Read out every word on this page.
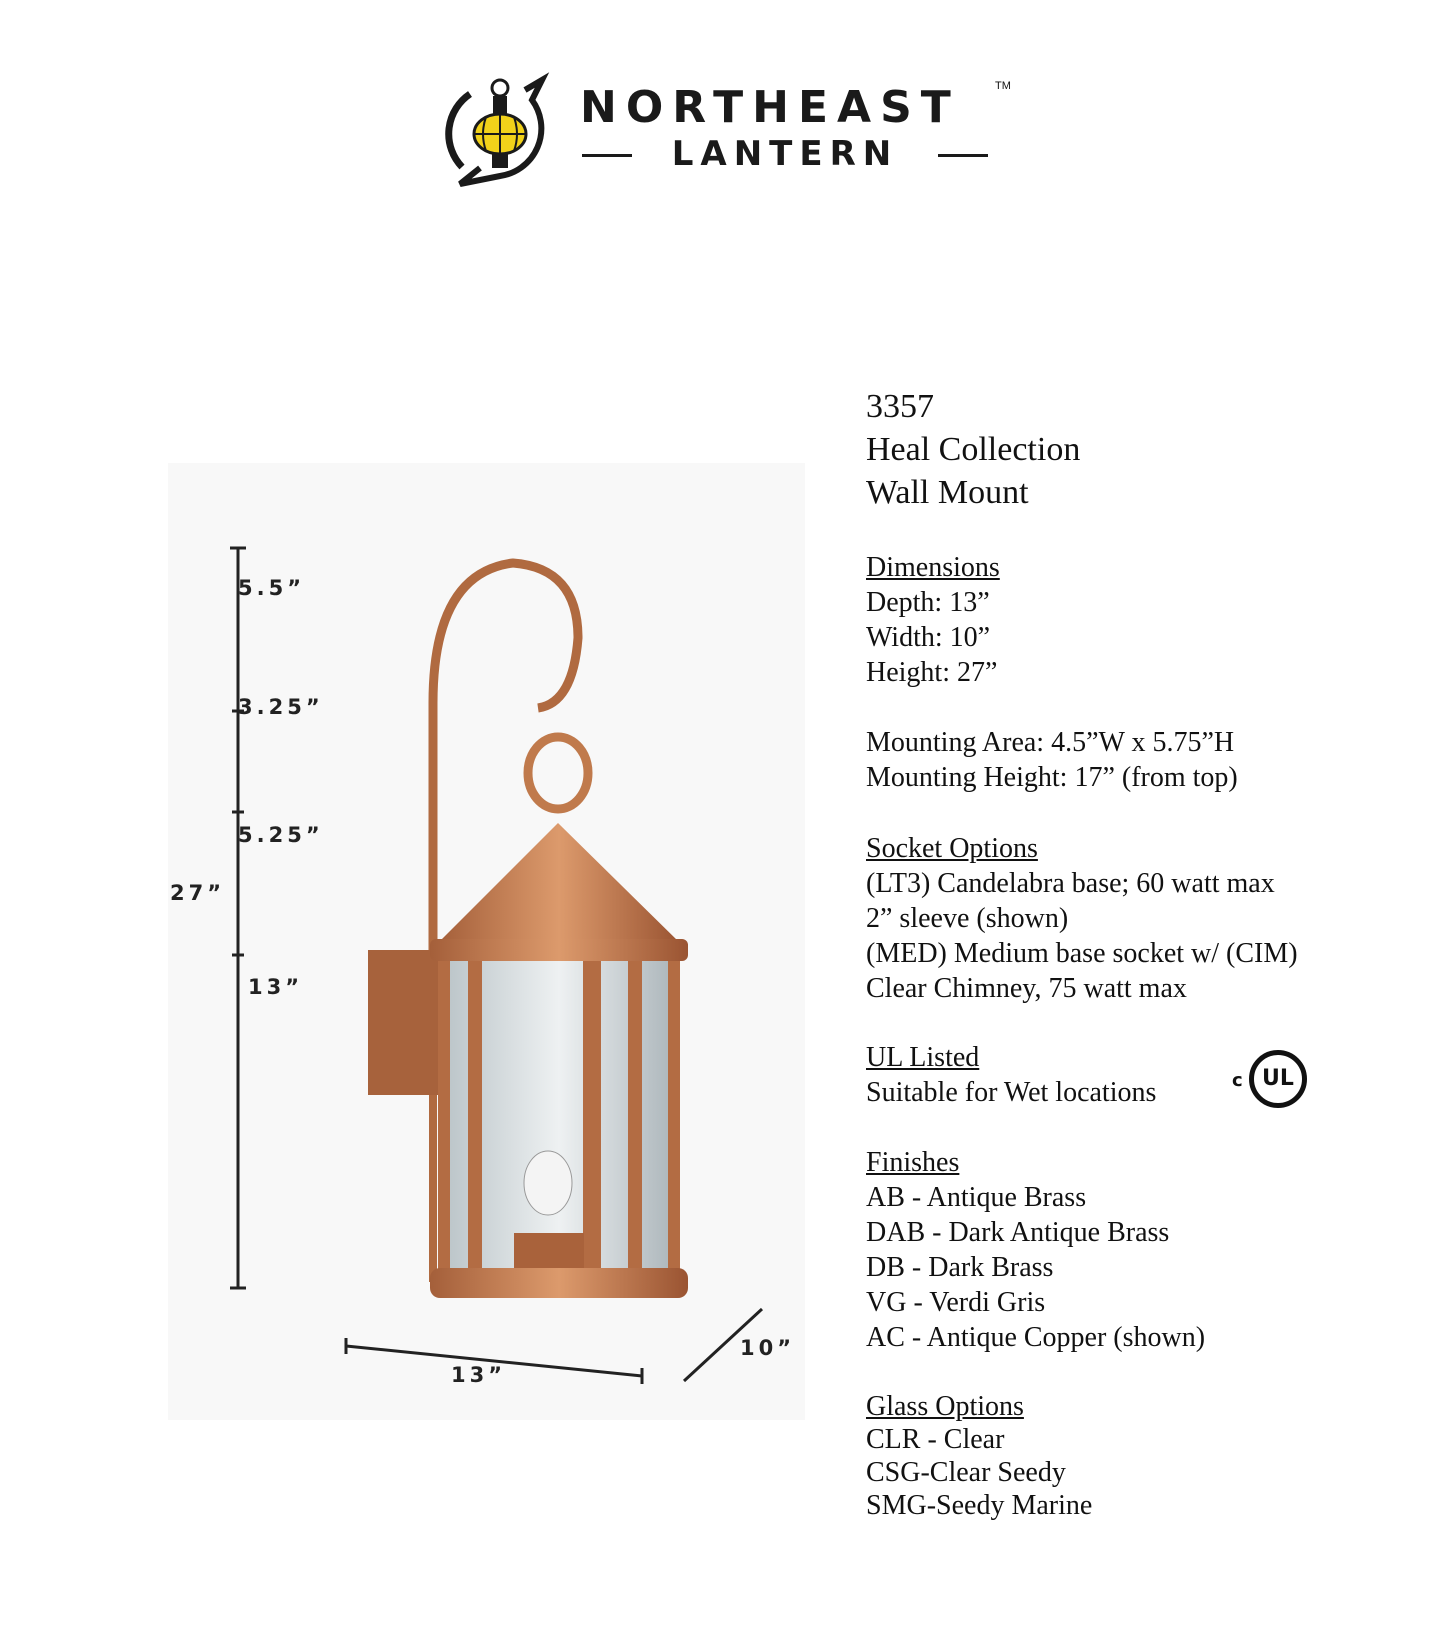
NORTHEAST	TM
LANTERN
5.5”
3.25”
5.25”
27”
13”
13”
10”
3357
Heal Collection
Wall Mount
Dimensions
Depth: 13”
Width: 10”
Height: 27”
Mounting Area: 4.5”W x 5.75”H
Mounting Height: 17” (from top)
Socket Options
(LT3) Candelabra base; 60 watt max
2” sleeve (shown)
(MED) Medium base socket w/ (CIM)
Clear Chimney, 75 watt max
UL Listed
Suitable for Wet locations	c UL
Finishes
AB - Antique Brass
DAB - Dark Antique Brass
DB - Dark Brass
VG - Verdi Gris
AC - Antique Copper (shown)
Glass Options
CLR - Clear
CSG-Clear Seedy
SMG-Seedy Marine
